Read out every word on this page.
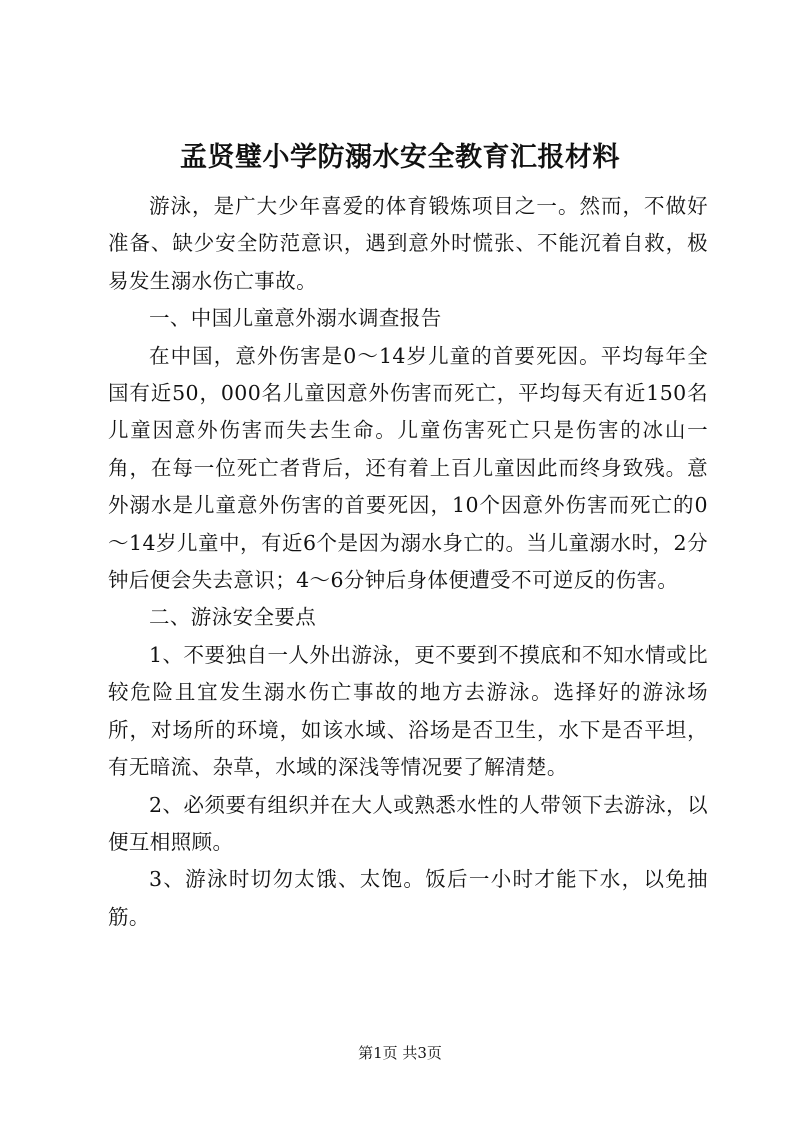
孟贤璧小学防溺水安全教育汇报材料

游泳，是广大少年喜爱的体育锻炼项目之一。然而，不做好准备、缺少安全防范意识，遇到意外时慌张、不能沉着自救，极易发生溺水伤亡事故。

一、中国儿童意外溺水调查报告

在中国，意外伤害是0～14岁儿童的首要死因。平均每年全国有近50，000名儿童因意外伤害而死亡，平均每天有近150名儿童因意外伤害而失去生命。儿童伤害死亡只是伤害的冰山一角，在每一位死亡者背后，还有着上百儿童因此而终身致残。意外溺水是儿童意外伤害的首要死因，10个因意外伤害而死亡的0～14岁儿童中，有近6个是因为溺水身亡的。当儿童溺水时，2分钟后便会失去意识；4～6分钟后身体便遭受不可逆反的伤害。

二、游泳安全要点

1、不要独自一人外出游泳，更不要到不摸底和不知水情或比较危险且宜发生溺水伤亡事故的地方去游泳。选择好的游泳场所，对场所的环境，如该水域、浴场是否卫生，水下是否平坦，有无暗流、杂草，水域的深浅等情况要了解清楚。

2、必须要有组织并在大人或熟悉水性的人带领下去游泳，以便互相照顾。

3、游泳时切勿太饿、太饱。饭后一小时才能下水，以免抽筋。

第1页 共3页
